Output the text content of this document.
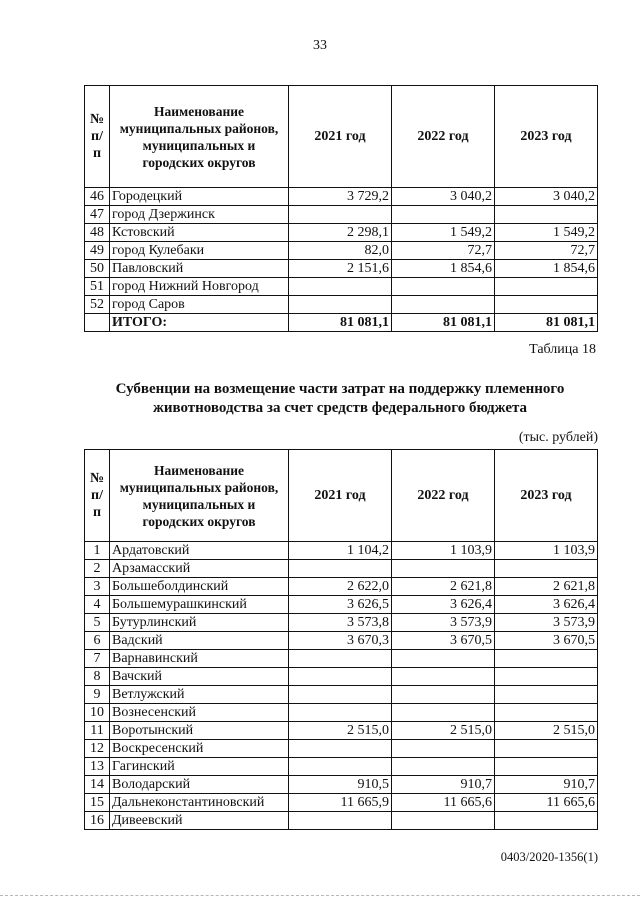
33
№ п/п	Наименование муниципальных районов, муниципальных и городских округов	2021 год	2022 год	2023 год
46	Городецкий	3 729,2	3 040,2	3 040,2
47	город Дзержинск			
48	Кстовский	2 298,1	1 549,2	1 549,2
49	город Кулебаки	82,0	72,7	72,7
50	Павловский	2 151,6	1 854,6	1 854,6
51	город Нижний Новгород			
52	город Саров			
	ИТОГО:	81 081,1	81 081,1	81 081,1
Таблица 18
Субвенции на возмещение части затрат на поддержку племенного животноводства за счет средств федерального бюджета
(тыс. рублей)
№ п/п	Наименование муниципальных районов, муниципальных и городских округов	2021 год	2022 год	2023 год
1	Ардатовский	1 104,2	1 103,9	1 103,9
2	Арзамасский			
3	Большеболдинский	2 622,0	2 621,8	2 621,8
4	Большемурашкинский	3 626,5	3 626,4	3 626,4
5	Бутурлинский	3 573,8	3 573,9	3 573,9
6	Вадский	3 670,3	3 670,5	3 670,5
7	Варнавинский			
8	Вачский			
9	Ветлужский			
10	Вознесенский			
11	Воротынский	2 515,0	2 515,0	2 515,0
12	Воскресенский			
13	Гагинский			
14	Володарский	910,5	910,7	910,7
15	Дальнеконстантиновский	11 665,9	11 665,6	11 665,6
16	Дивеевский			
0403/2020-1356(1)
